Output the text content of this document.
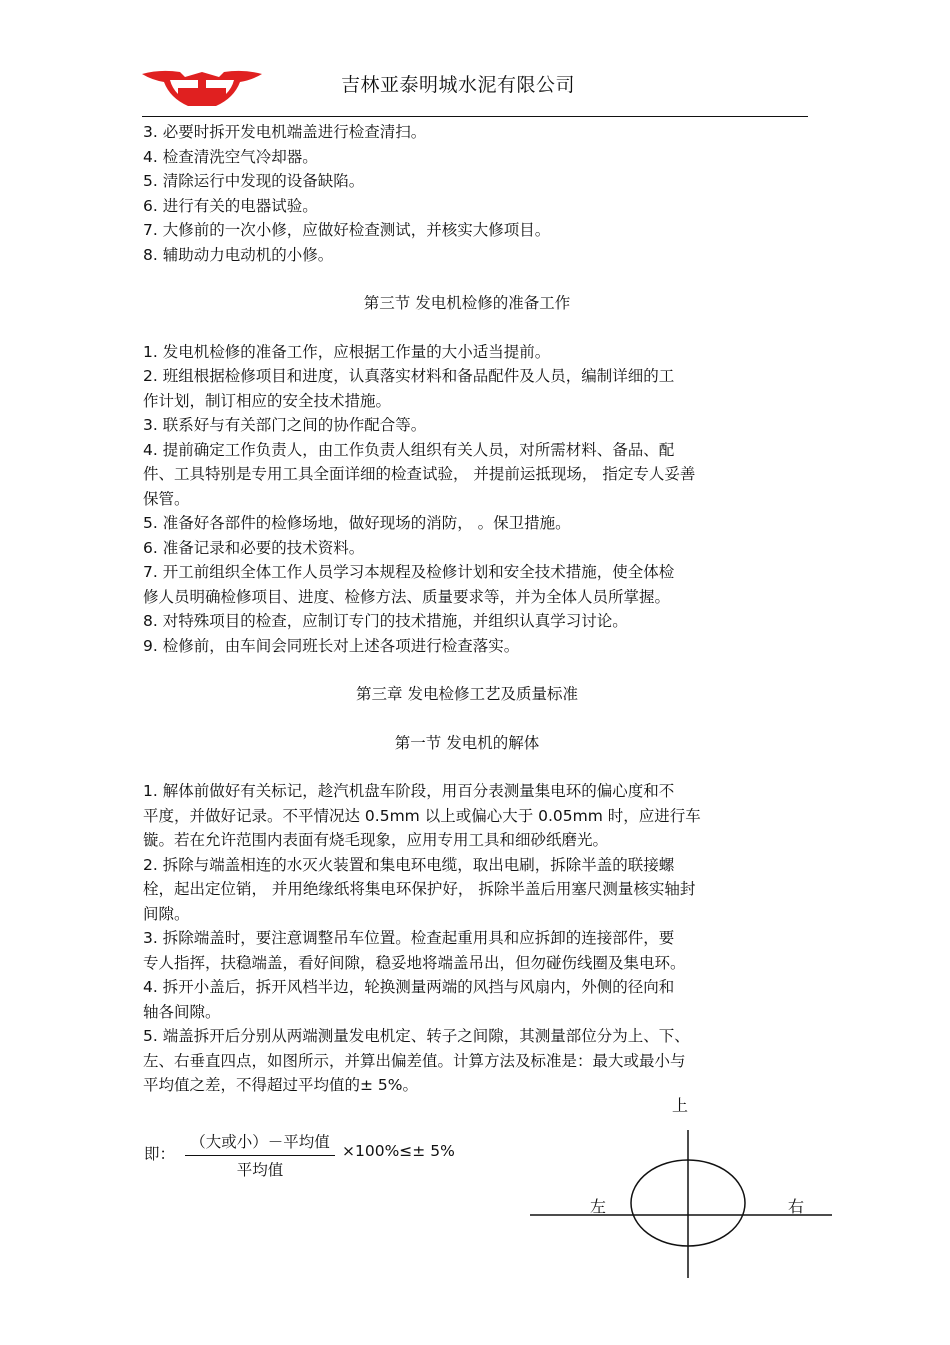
吉林亚泰明城水泥有限公司

3. 必要时拆开发电机端盖进行检查清扫。

4. 检查清洗空气冷却器。

5. 清除运行中发现的设备缺陷。

6. 进行有关的电器试验。

7. 大修前的一次小修，应做好检查测试，并核实大修项目。

8. 辅助动力电动机的小修。

第三节 发电机检修的准备工作

1. 发电机检修的准备工作，应根据工作量的大小适当提前。

2. 班组根据检修项目和进度，认真落实材料和备品配件及人员，编制详细的工

作计划，制订相应的安全技术措施。

3. 联系好与有关部门之间的协作配合等。

4. 提前确定工作负责人，由工作负责人组织有关人员，对所需材料、备品、配

件、工具特别是专用工具全面详细的检查试验， 并提前运抵现场， 指定专人妥善

保管。

5. 准备好各部件的检修场地，做好现场的消防， 。保卫措施。

6. 准备记录和必要的技术资料。

7. 开工前组织全体工作人员学习本规程及检修计划和安全技术措施，使全体检

修人员明确检修项目、进度、检修方法、质量要求等，并为全体人员所掌握。

8. 对特殊项目的检查，应制订专门的技术措施，并组织认真学习讨论。

9. 检修前，由车间会同班长对上述各项进行检查落实。

第三章 发电检修工艺及质量标准

第一节 发电机的解体

1. 解体前做好有关标记，趁汽机盘车阶段，用百分表测量集电环的偏心度和不

平度，并做好记录。不平情况达 0.5mm 以上或偏心大于 0.05mm 时，应进行车

镟。若在允许范围内表面有烧毛现象，应用专用工具和细砂纸磨光。

2. 拆除与端盖相连的水灭火装置和集电环电缆，取出电刷，拆除半盖的联接螺

栓，起出定位销， 并用绝缘纸将集电环保护好， 拆除半盖后用塞尺测量核实轴封

间隙。

3. 拆除端盖时，要注意调整吊车位置。检查起重用具和应拆卸的连接部件，要

专人指挥，扶稳端盖，看好间隙，稳妥地将端盖吊出，但勿碰伤线圈及集电环。

4. 拆开小盖后，拆开风档半边，轮换测量两端的风挡与风扇内，外侧的径向和

轴各间隙。

5. 端盖拆开后分别从两端测量发电机定、转子之间隙，其测量部位分为上、下、

左、右垂直四点，如图所示，并算出偏差值。计算方法及标准是：最大或最小与

平均值之差，不得超过平均值的± 5%。

即：
（大或小）－平均值
平均值
×100%≤± 5%
上
左	右
